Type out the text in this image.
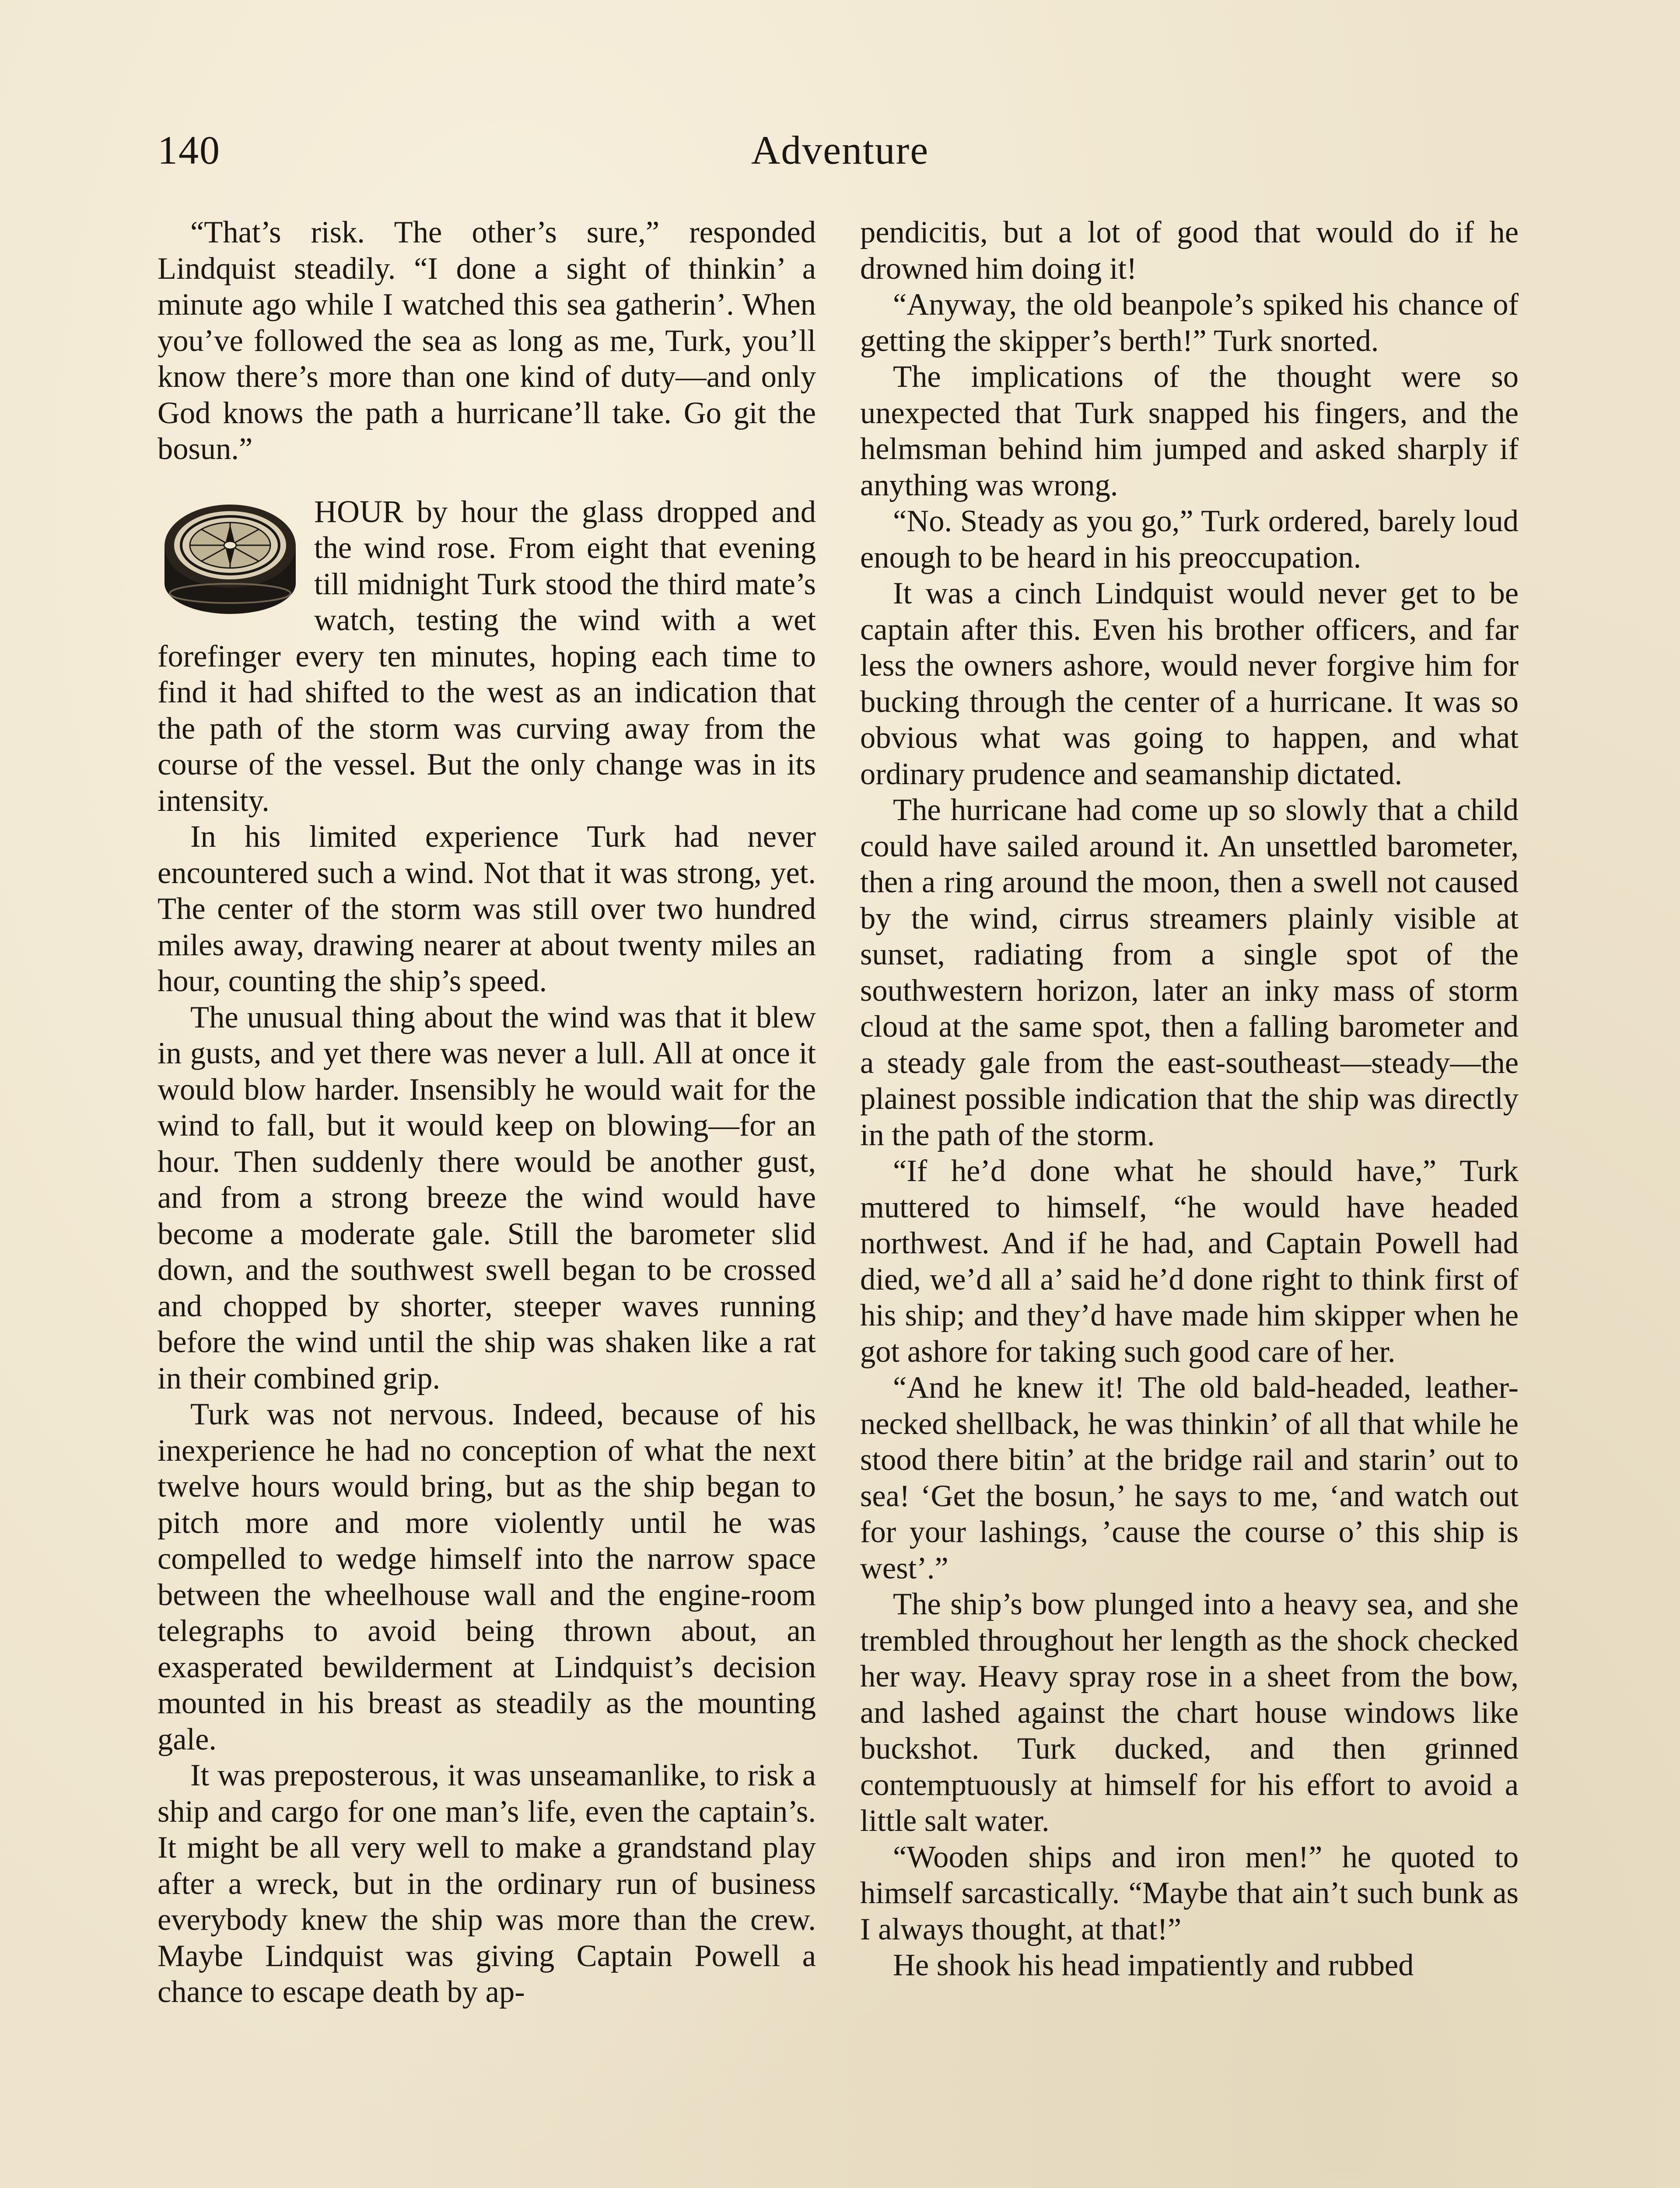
140	Adventure

“That’s risk. The other’s sure,” responded Lindquist steadily. “I done a sight of thinkin’ a minute ago while I watched this sea gatherin’. When you’ve followed the sea as long as me, Turk, you’ll know there’s more than one kind of duty—and only God knows the path a hurricane’ll take. Go git the bosun.”

HOUR by hour the glass dropped and the wind rose. From eight that evening till midnight Turk stood the third mate’s watch, testing the wind with a wet forefinger every ten minutes, hoping each time to find it had shifted to the west as an indication that the path of the storm was curving away from the course of the vessel. But the only change was in its intensity.

In his limited experience Turk had never encountered such a wind. Not that it was strong, yet. The center of the storm was still over two hundred miles away, drawing nearer at about twenty miles an hour, counting the ship’s speed.

The unusual thing about the wind was that it blew in gusts, and yet there was never a lull. All at once it would blow harder. Insensibly he would wait for the wind to fall, but it would keep on blowing—for an hour. Then suddenly there would be another gust, and from a strong breeze the wind would have become a moderate gale. Still the barometer slid down, and the southwest swell began to be crossed and chopped by shorter, steeper waves running before the wind until the ship was shaken like a rat in their combined grip.

Turk was not nervous. Indeed, because of his inexperience he had no conception of what the next twelve hours would bring, but as the ship began to pitch more and more violently until he was compelled to wedge himself into the narrow space between the wheelhouse wall and the engine-room telegraphs to avoid being thrown about, an exasperated bewilderment at Lindquist’s decision mounted in his breast as steadily as the mounting gale.

It was preposterous, it was unseamanlike, to risk a ship and cargo for one man’s life, even the captain’s. It might be all very well to make a grandstand play after a wreck, but in the ordinary run of business everybody knew the ship was more than the crew. Maybe Lindquist was giving Captain Powell a chance to escape death by ap-

pendicitis, but a lot of good that would do if he drowned him doing it!

“Anyway, the old beanpole’s spiked his chance of getting the skipper’s berth!” Turk snorted.

The implications of the thought were so unexpected that Turk snapped his fingers, and the helmsman behind him jumped and asked sharply if anything was wrong.

“No. Steady as you go,” Turk ordered, barely loud enough to be heard in his preoccupation.

It was a cinch Lindquist would never get to be captain after this. Even his brother officers, and far less the owners ashore, would never forgive him for bucking through the center of a hurricane. It was so obvious what was going to happen, and what ordinary prudence and seamanship dictated.

The hurricane had come up so slowly that a child could have sailed around it. An unsettled barometer, then a ring around the moon, then a swell not caused by the wind, cirrus streamers plainly visible at sunset, radiating from a single spot of the southwestern horizon, later an inky mass of storm cloud at the same spot, then a falling barometer and a steady gale from the east-southeast—steady—the plainest possible indication that the ship was directly in the path of the storm.

“If he’d done what he should have,” Turk muttered to himself, “he would have headed northwest. And if he had, and Captain Powell had died, we’d all a’ said he’d done right to think first of his ship; and they’d have made him skipper when he got ashore for taking such good care of her.

“And he knew it! The old bald-headed, leather-necked shellback, he was thinkin’ of all that while he stood there bitin’ at the bridge rail and starin’ out to sea! ‘Get the bosun,’ he says to me, ‘and watch out for your lashings, ’cause the course o’ this ship is west’.”

The ship’s bow plunged into a heavy sea, and she trembled throughout her length as the shock checked her way. Heavy spray rose in a sheet from the bow, and lashed against the chart house windows like buckshot. Turk ducked, and then grinned contemptuously at himself for his effort to avoid a little salt water.

“Wooden ships and iron men!” he quoted to himself sarcastically. “Maybe that ain’t such bunk as I always thought, at that!”

He shook his head impatiently and rubbed
